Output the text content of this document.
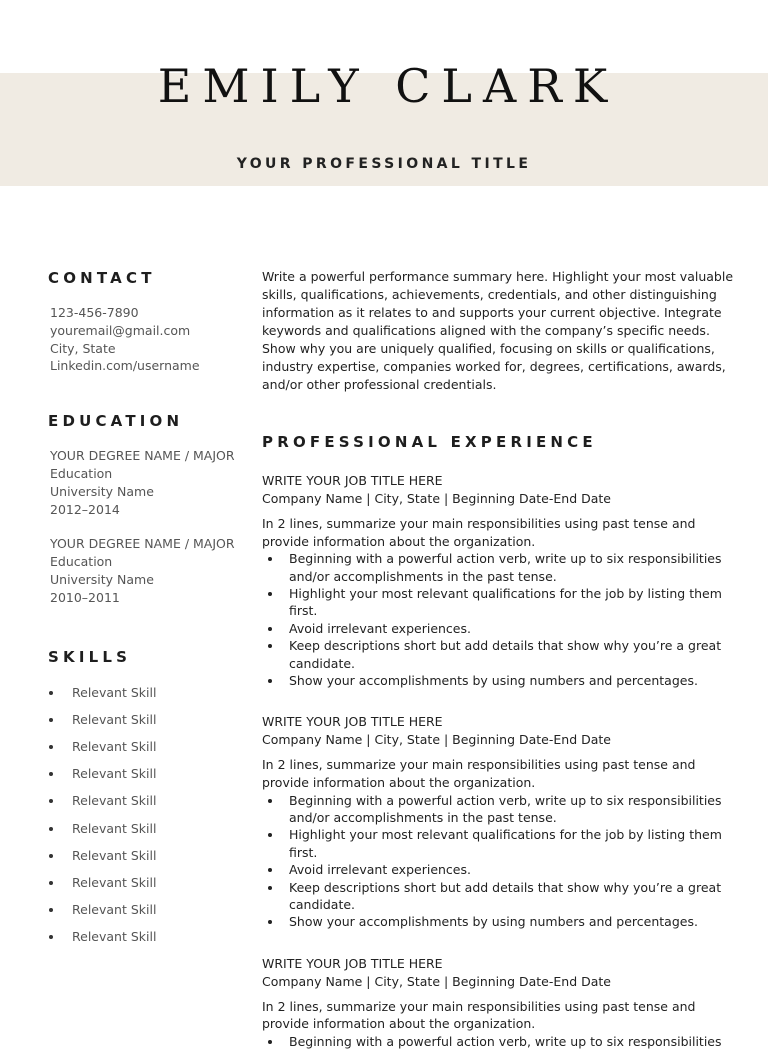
EMILY CLARK

YOUR PROFESSIONAL TITLE

CONTACT
123-456-7890
youremail@gmail.com
City, State
Linkedin.com/username
EDUCATION
YOUR DEGREE NAME / MAJOR
Education
University Name
2012–2014
YOUR DEGREE NAME / MAJOR
Education
University Name
2010–2011
SKILLS
Relevant Skill
Relevant Skill
Relevant Skill
Relevant Skill
Relevant Skill
Relevant Skill
Relevant Skill
Relevant Skill
Relevant Skill
Relevant Skill

Write a powerful performance summary here. Highlight your most valuable skills, qualifications, achievements, credentials, and other distinguishing information as it relates to and supports your current objective. Integrate keywords and qualifications aligned with the company’s specific needs. Show why you are uniquely qualified, focusing on skills or qualifications, industry expertise, companies worked for, degrees, certifications, awards, and/or other professional credentials.

PROFESSIONAL EXPERIENCE

WRITE YOUR JOB TITLE HERE

Company Name | City, State | Beginning Date-End Date

In 2 lines, summarize your main responsibilities using past tense and provide information about the organization.
Beginning with a powerful action verb, write up to six responsibilities and/or accomplishments in the past tense.
Highlight your most relevant qualifications for the job by listing them first.
Avoid irrelevant experiences.
Keep descriptions short but add details that show why you’re a great candidate.
Show your accomplishments by using numbers and percentages.

WRITE YOUR JOB TITLE HERE

Company Name | City, State | Beginning Date-End Date

In 2 lines, summarize your main responsibilities using past tense and provide information about the organization.
Beginning with a powerful action verb, write up to six responsibilities and/or accomplishments in the past tense.
Highlight your most relevant qualifications for the job by listing them first.
Avoid irrelevant experiences.
Keep descriptions short but add details that show why you’re a great candidate.
Show your accomplishments by using numbers and percentages.

WRITE YOUR JOB TITLE HERE

Company Name | City, State | Beginning Date-End Date

In 2 lines, summarize your main responsibilities using past tense and provide information about the organization.
Beginning with a powerful action verb, write up to six responsibilities
